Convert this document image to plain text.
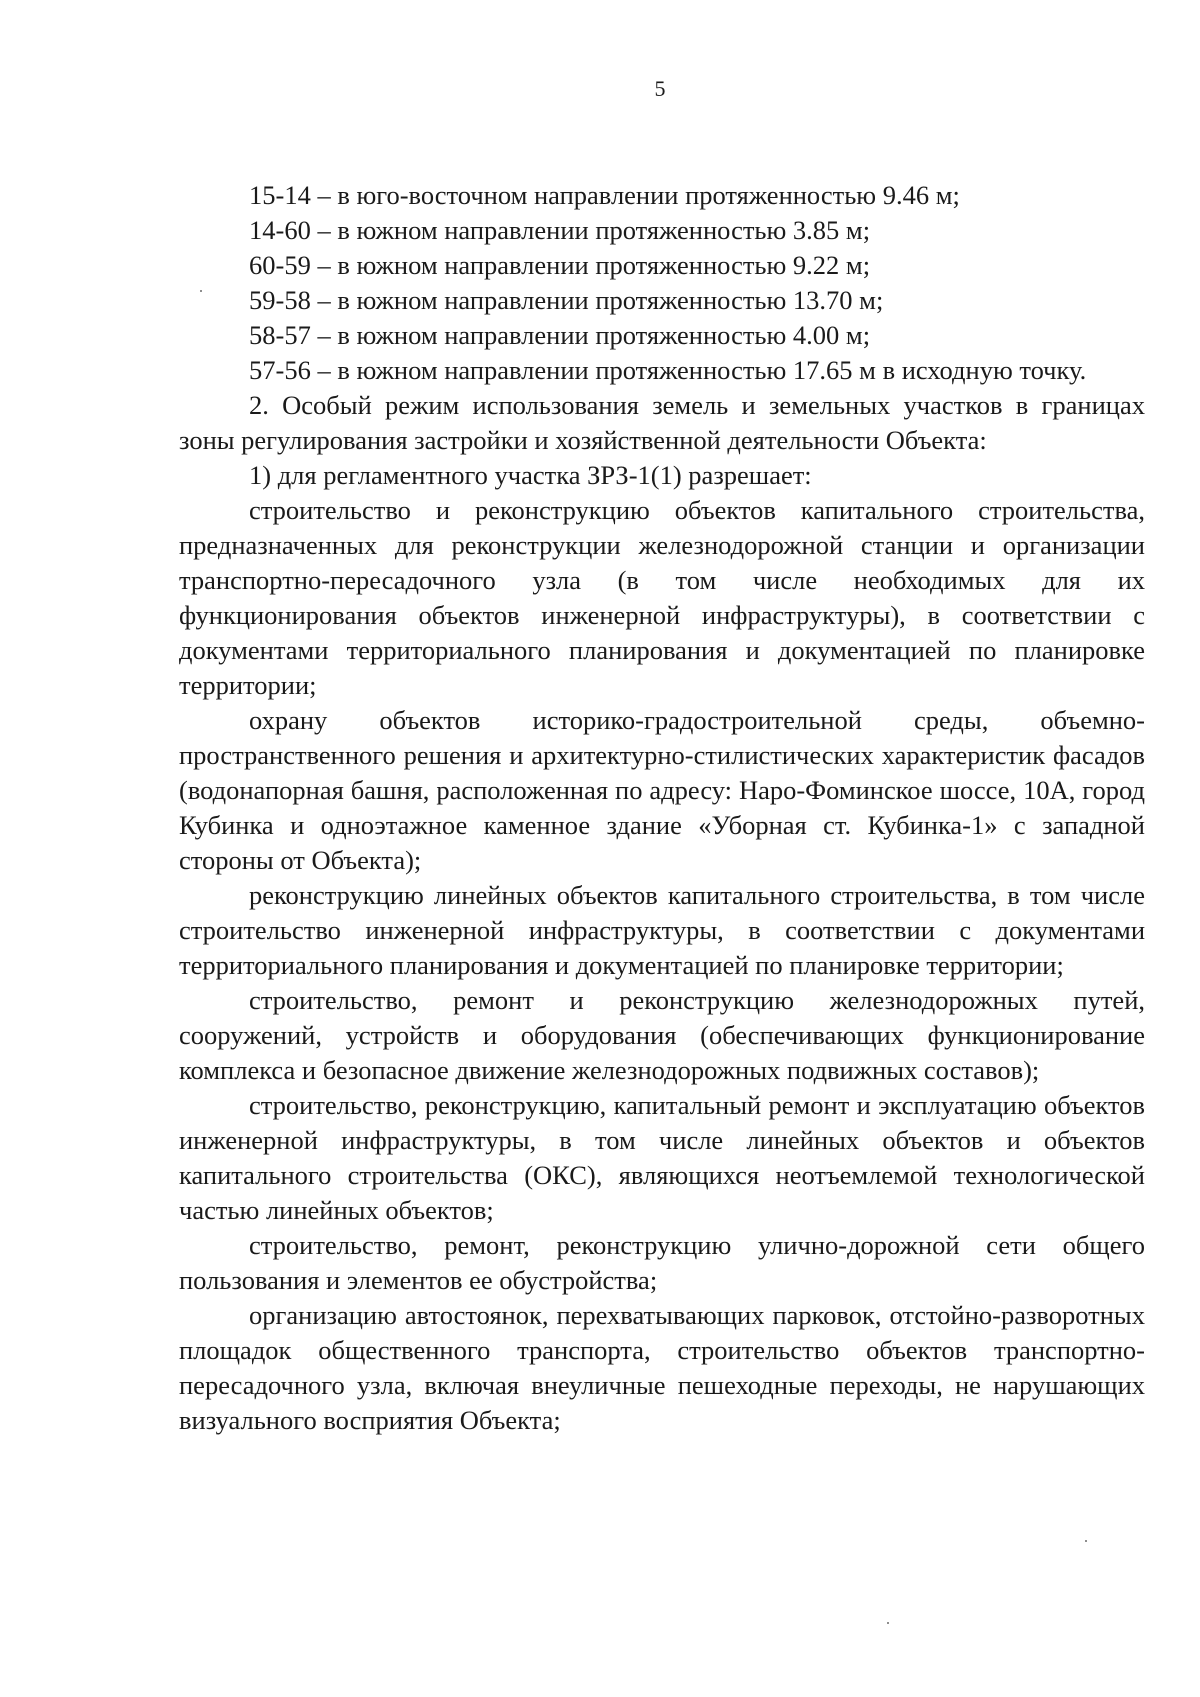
5
15-14 – в юго-восточном направлении протяженностью 9.46 м;
14-60 – в южном направлении протяженностью 3.85 м;
60-59 – в южном направлении протяженностью 9.22 м;
59-58 – в южном направлении протяженностью 13.70 м;
58-57 – в южном направлении протяженностью 4.00 м;

57-56 – в южном направлении протяженностью 17.65 м в исходную точку.

2. Особый режим использования земель и земельных участков в границах зоны регулирования застройки и хозяйственной деятельности Объекта:

1) для регламентного участка ЗРЗ-1(1) разрешает:

строительство и реконструкцию объектов капитального строительства, предназначенных для реконструкции железнодорожной станции и организации транспортно-пересадочного узла (в том числе необходимых для их функционирования объектов инженерной инфраструктуры), в соответствии с документами территориального планирования и документацией по планировке территории;

охрану объектов историко-градостроительной среды, объемно-пространственного решения и архитектурно-стилистических характеристик фасадов (водонапорная башня, расположенная по адресу: Наро-Фоминское шоссе, 10А, город Кубинка и одноэтажное каменное здание «Уборная ст. Кубинка-1» с западной стороны от Объекта);

реконструкцию линейных объектов капитального строительства, в том числе строительство инженерной инфраструктуры, в соответствии с документами территориального планирования и документацией по планировке территории;

строительство, ремонт и реконструкцию железнодорожных путей, сооружений, устройств и оборудования (обеспечивающих функционирование комплекса и безопасное движение железнодорожных подвижных составов);

строительство, реконструкцию, капитальный ремонт и эксплуатацию объектов инженерной инфраструктуры, в том числе линейных объектов и объектов капитального строительства (ОКС), являющихся неотъемлемой технологической частью линейных объектов;

строительство, ремонт, реконструкцию улично-дорожной сети общего пользования и элементов ее обустройства;

организацию автостоянок, перехватывающих парковок, отстойно-разворотных площадок общественного транспорта, строительство объектов транспортно-пересадочного узла, включая внеуличные пешеходные переходы, не нарушающих визуального восприятия Объекта;
